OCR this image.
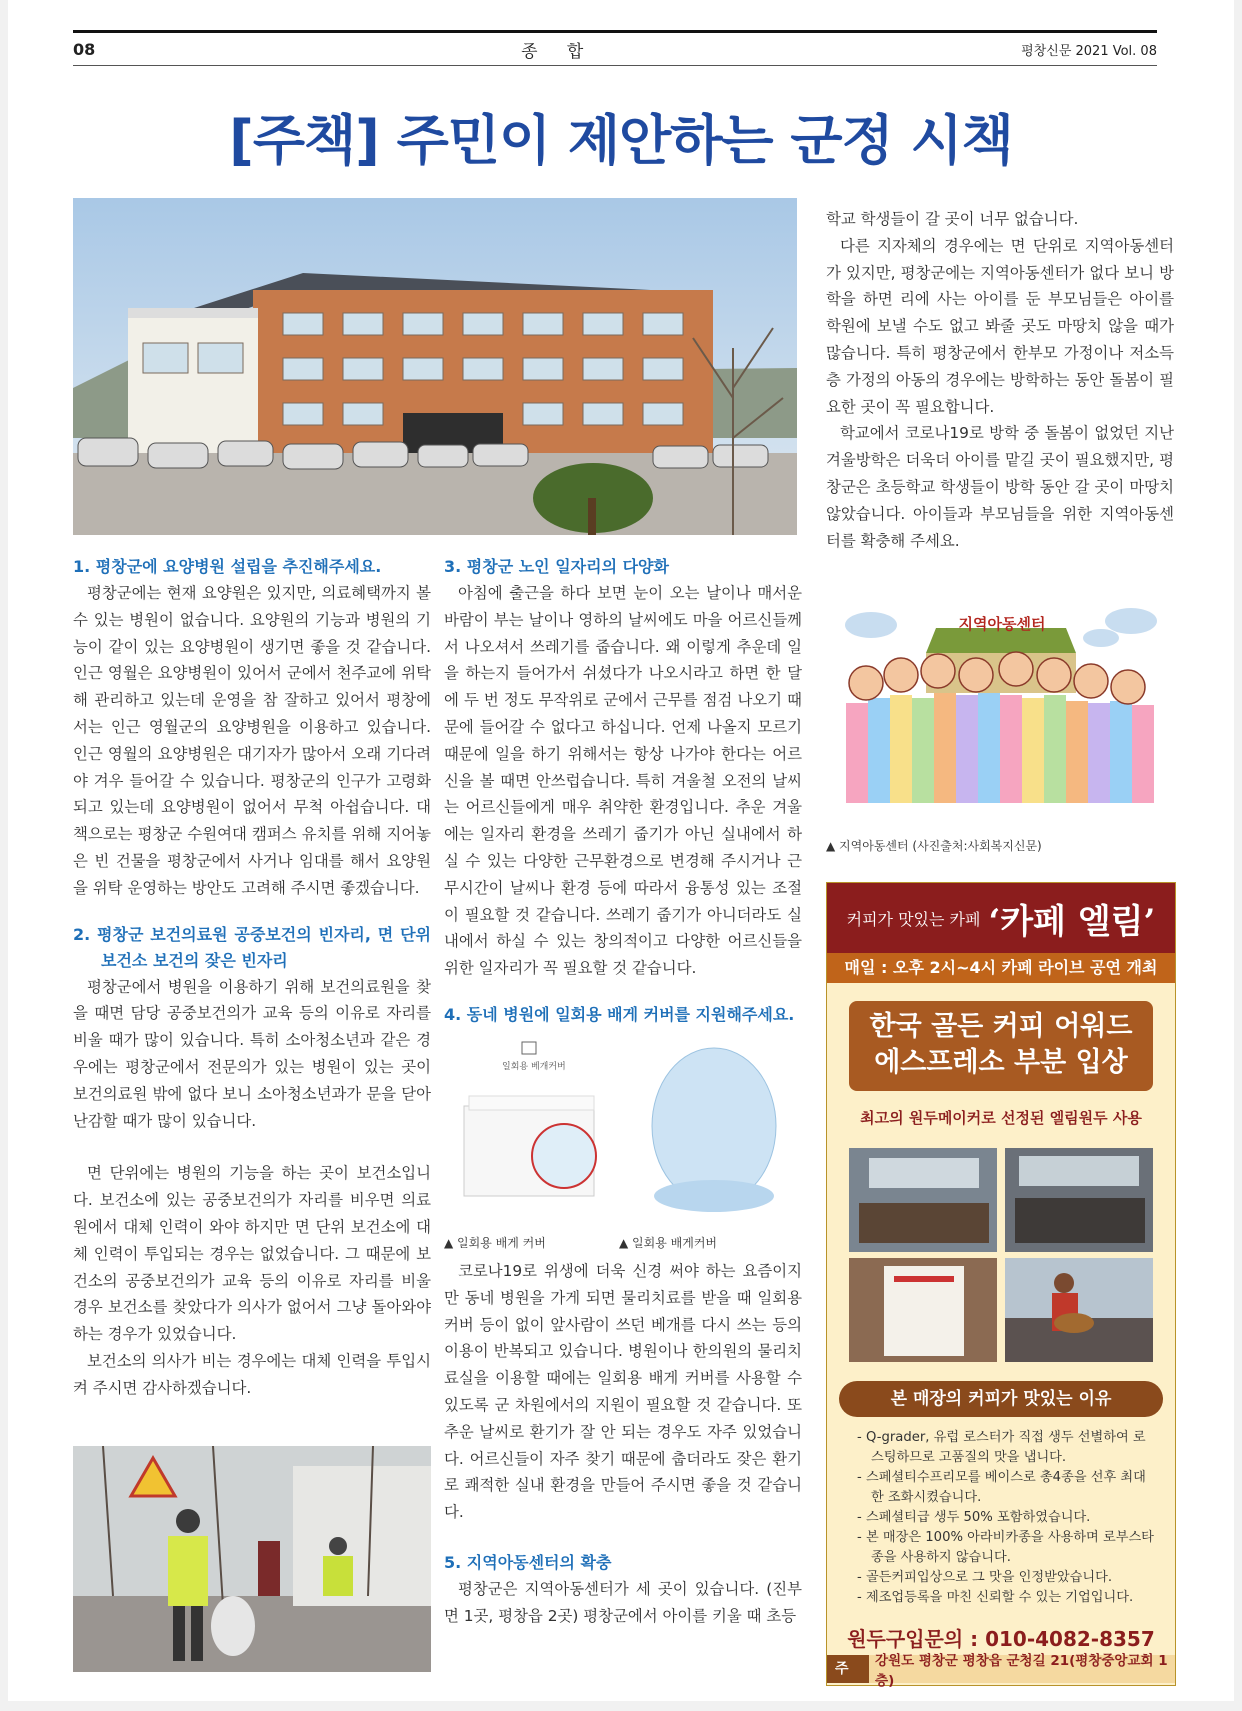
08	종 합	평창신문 2021 Vol. 08
[주책] 주민이 제안하는 군정 시책
1. 평창군에 요양병원 설립을 추진해주세요.

평창군에는 현재 요양원은 있지만, 의료혜택까지 볼 수 있는 병원이 없습니다. 요양원의 기능과 병원의 기능이 같이 있는 요양병원이 생기면 좋을 것 같습니다. 인근 영월은 요양병원이 있어서 군에서 천주교에 위탁해 관리하고 있는데 운영을 참 잘하고 있어서 평창에서는 인근 영월군의 요양병원을 이용하고 있습니다. 인근 영월의 요양병원은 대기자가 많아서 오래 기다려야 겨우 들어갈 수 있습니다. 평창군의 인구가 고령화되고 있는데 요양병원이 없어서 무척 아쉽습니다. 대책으로는 평창군 수원여대 캠퍼스 유치를 위해 지어놓은 빈 건물을 평창군에서 사거나 임대를 해서 요양원을 위탁 운영하는 방안도 고려해 주시면 좋겠습니다.

2. 평창군 보건의료원 공중보건의 빈자리, 면 단위 보건소 보건의 잦은 빈자리

평창군에서 병원을 이용하기 위해 보건의료원을 찾을 때면 담당 공중보건의가 교육 등의 이유로 자리를 비울 때가 많이 있습니다. 특히 소아청소년과 같은 경우에는 평창군에서 전문의가 있는 병원이 있는 곳이 보건의료원 밖에 없다 보니 소아청소년과가 문을 닫아 난감할 때가 많이 있습니다.

면 단위에는 병원의 기능을 하는 곳이 보건소입니다. 보건소에 있는 공중보건의가 자리를 비우면 의료원에서 대체 인력이 와야 하지만 면 단위 보건소에 대체 인력이 투입되는 경우는 없었습니다. 그 때문에 보건소의 공중보건의가 교육 등의 이유로 자리를 비울 경우 보건소를 찾았다가 의사가 없어서 그냥 돌아와야 하는 경우가 있었습니다.

보건소의 의사가 비는 경우에는 대체 인력을 투입시켜 주시면 감사하겠습니다.

3. 평창군 노인 일자리의 다양화

아침에 출근을 하다 보면 눈이 오는 날이나 매서운 바람이 부는 날이나 영하의 날씨에도 마을 어르신들께서 나오셔서 쓰레기를 줍습니다. 왜 이렇게 추운데 일을 하는지 들어가서 쉬셨다가 나오시라고 하면 한 달에 두 번 정도 무작위로 군에서 근무를 점검 나오기 때문에 들어갈 수 없다고 하십니다. 언제 나올지 모르기 때문에 일을 하기 위해서는 항상 나가야 한다는 어르신을 볼 때면 안쓰럽습니다. 특히 겨울철 오전의 날씨는 어르신들에게 매우 취약한 환경입니다. 추운 겨울에는 일자리 환경을 쓰레기 줍기가 아닌 실내에서 하실 수 있는 다양한 근무환경으로 변경해 주시거나 근무시간이 날씨나 환경 등에 따라서 융통성 있는 조절이 필요할 것 같습니다. 쓰레기 줍기가 아니더라도 실내에서 하실 수 있는 창의적이고 다양한 어르신들을 위한 일자리가 꼭 필요할 것 같습니다.

4. 동네 병원에 일회용 배게 커버를 지원해주세요.
일회용 베개커버
▲ 일회용 배게 커버	▲ 일회용 배게커버

코로나19로 위생에 더욱 신경 써야 하는 요즘이지만 동네 병원을 가게 되면 물리치료를 받을 때 일회용 커버 등이 없이 앞사람이 쓰던 베개를 다시 쓰는 등의 이용이 반복되고 있습니다. 병원이나 한의원의 물리치료실을 이용할 때에는 일회용 배게 커버를 사용할 수 있도록 군 차원에서의 지원이 필요할 것 같습니다. 또 추운 날씨로 환기가 잘 안 되는 경우도 자주 있었습니다. 어르신들이 자주 찾기 때문에 춥더라도 잦은 환기로 쾌적한 실내 환경을 만들어 주시면 좋을 것 같습니다.

5. 지역아동센터의 확충

평창군은 지역아동센터가 세 곳이 있습니다. (진부면 1곳, 평창읍 2곳) 평창군에서 아이를 키울 때 초등

학교 학생들이 갈 곳이 너무 없습니다.

다른 지자체의 경우에는 면 단위로 지역아동센터가 있지만, 평창군에는 지역아동센터가 없다 보니 방학을 하면 리에 사는 아이를 둔 부모님들은 아이를 학원에 보낼 수도 없고 봐줄 곳도 마땅치 않을 때가 많습니다. 특히 평창군에서 한부모 가정이나 저소득층 가정의 아동의 경우에는 방학하는 동안 돌봄이 필요한 곳이 꼭 필요합니다.

학교에서 코로나19로 방학 중 돌봄이 없었던 지난 겨울방학은 더욱더 아이를 맡길 곳이 필요했지만, 평창군은 초등학교 학생들이 방학 동안 갈 곳이 마땅치 않았습니다. 아이들과 부모님들을 위한 지역아동센터를 확충해 주세요.

지역아동센터
▲ 지역아동센터 (사진출처:사회복지신문)
커피가 맛있는 카페 ‘카페 엘림’
매일 : 오후 2시~4시 카페 라이브 공연 개최
한국 골든 커피 어워드
에스프레소 부분 입상
최고의 원두메이커로 선정된 엘림원두 사용
본 매장의 커피가 맛있는 이유
- Q-grader, 유럽 로스터가 직접 생두 선별하여 로스팅하므로 고품질의 맛을 냅니다.
- 스페셜티수프리모를 베이스로 총4종을 선후 최대한 조화시켰습니다.
- 스페셜티급 생두 50% 포함하였습니다.
- 본 매장은 100% 아라비카종을 사용하며 로부스타종을 사용하지 않습니다.
- 골든커피입상으로 그 맛을 인정받았습니다.
- 제조업등록을 마친 신뢰할 수 있는 기업입니다.
원두구입문의 : 010-4082-8357
주소
강원도 평창군 평창읍 군청길 21(평창중앙교회 1층)
